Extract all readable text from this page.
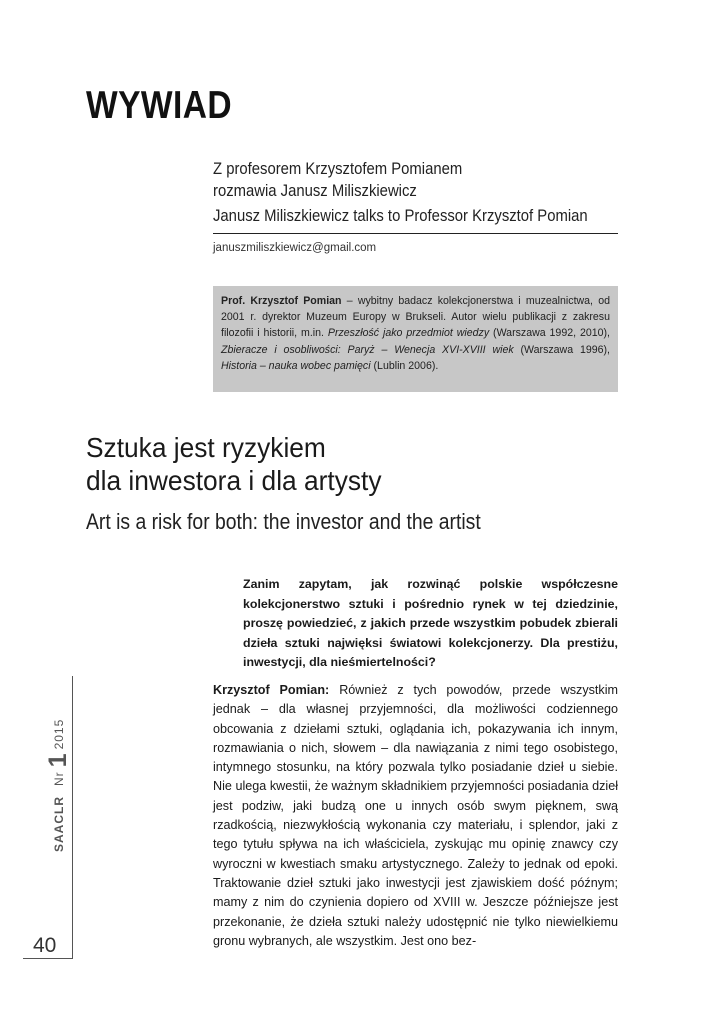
WYWIAD
Z profesorem Krzysztofem Pomianem
rozmawia Janusz Miliszkiewicz
Janusz Miliszkiewicz talks to Professor Krzysztof Pomian
januszmiliszkiewicz@gmail.com

Prof. Krzysztof Pomian – wybitny badacz kolekcjonerstwa i muzealnictwa, od 2001 r. dyrektor Muzeum Europy w Brukseli. Autor wielu publikacji z zakresu filozofii i historii, m.in. Przeszłość jako przedmiot wiedzy (Warszawa 1992, 2010), Zbieracze i osobliwości: Paryż – Wenecja XVI-XVIII wiek (Warszawa 1996), Historia – nauka wobec pamięci (Lublin 2006).

Sztuka jest ryzykiem
dla inwestora i dla artysty
Art is a risk for both: the investor and the artist

Zanim zapytam, jak rozwinąć polskie współczesne kolekcjonerstwo sztuki i pośrednio rynek w tej dziedzinie, proszę powiedzieć, z jakich przede wszystkim pobudek zbierali dzieła sztuki najwięksi światowi kolekcjonerzy. Dla prestiżu, inwestycji, dla nieśmiertelności?

Krzysztof Pomian: Również z tych powodów, przede wszystkim jednak – dla własnej przyjemności, dla możliwości codziennego obcowania z dziełami sztuki, oglądania ich, pokazywania ich innym, rozmawiania o nich, słowem – dla nawiązania z nimi tego osobistego, intymnego stosunku, na który pozwala tylko posiadanie dzieł u siebie. Nie ulega kwestii, że ważnym składnikiem przyjemności posiadania dzieł jest podziw, jaki budzą one u innych osób swym pięknem, swą rzadkością, niezwykłością wykonania czy materiału, i splendor, jaki z tego tytułu spływa na ich właściciela, zyskując mu opinię znawcy czy wyroczni w kwestiach smaku artystycznego. Zależy to jednak od epoki. Traktowanie dzieł sztuki jako inwestycji jest zjawiskiem dość późnym; mamy z nim do czynienia dopiero od XVIII w. Jeszcze późniejsze jest przekonanie, że dzieła sztuki należy udostępnić nie tylko niewielkiemu gronu wybranych, ale wszystkim. Jest ono bez-

40
SAACLRNr12015
